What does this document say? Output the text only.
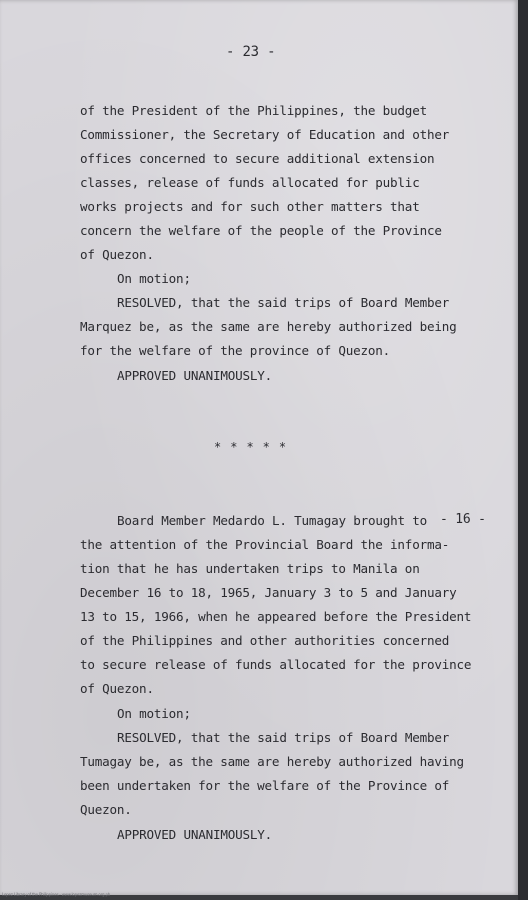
- 23 -
of the President of the Philippines, the budget
Commissioner, the Secretary of Education and other
offices concerned to secure additional extension
classes, release of funds allocated for public
works projects and for such other matters that
concern the welfare of the people of the Province
of Quezon.
On motion;
RESOLVED, that the said trips of Board Member
Marquez be, as the same are hereby authorized being
for the welfare of the province of Quezon.
APPROVED UNANIMOUSLY.
*****
- 16 -
Board Member Medardo L. Tumagay brought to
the attention of the Provincial Board the informa-
tion that he has undertaken trips to Manila on
December 16 to 18, 1965, January 3 to 5 and January
13 to 15, 1966, when he appeared before the President
of the Philippines and other authorities concerned
to secure release of funds allocated for the province
of Quezon.
On motion;
RESOLVED, that the said trips of Board Member
Tumagay be, as the same are hereby authorized having
been undertaken for the welfare of the Province of
Quezon.
APPROVED UNANIMOUSLY.
Lopez Library of the Philippines · www.lopezmuseum.org.ph
